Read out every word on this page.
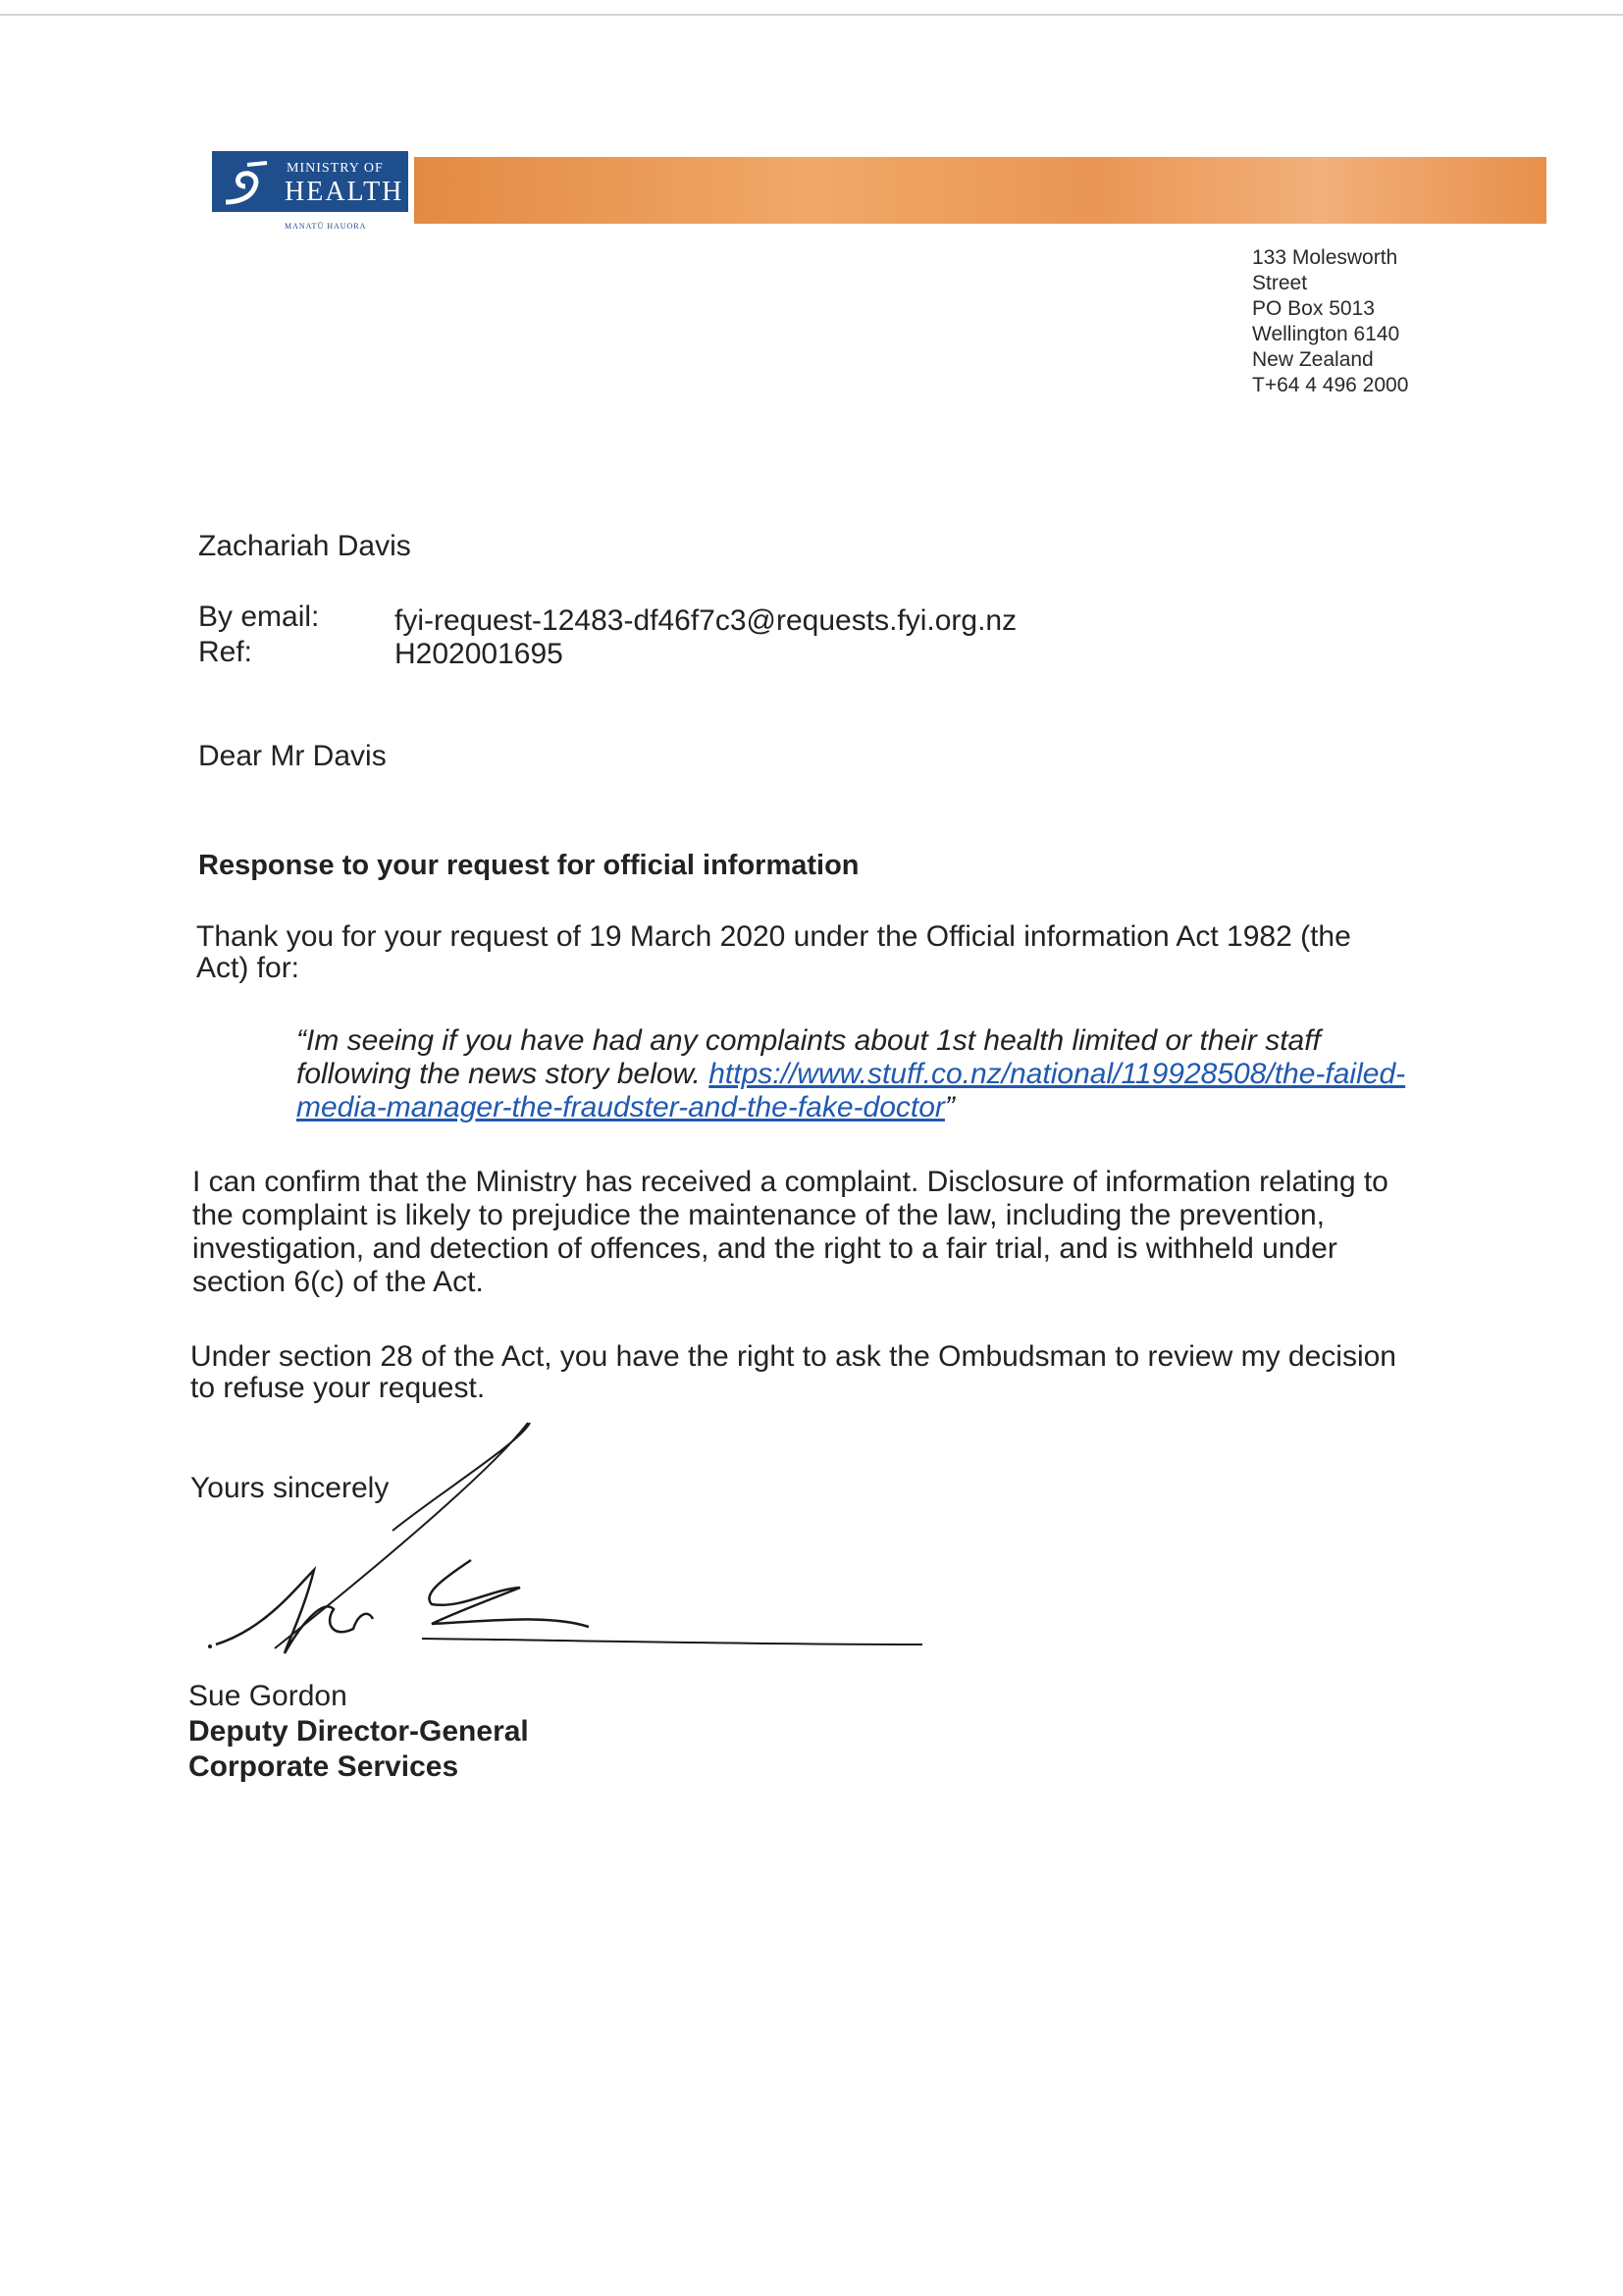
MINISTRY OF
HEALTH
MANATŪ HAUORA
133 Molesworth
Street
PO Box 5013
Wellington 6140
New Zealand
T+64 4 496 2000
Zachariah Davis
By email:	fyi-request-12483-df46f7c3@requests.fyi.org.nz
Ref:	H202001695
Dear Mr Davis
Response to your request for official information
Thank you for your request of 19 March 2020 under the Official information Act 1982 (the
Act) for:
“Im seeing if you have had any complaints about 1st health limited or their staff
following the news story below. https://www.stuff.co.nz/national/119928508/the-failed-
media-manager-the-fraudster-and-the-fake-doctor”
I can confirm that the Ministry has received a complaint. Disclosure of information relating to
the complaint is likely to prejudice the maintenance of the law, including the prevention,
investigation, and detection of offences, and the right to a fair trial, and is withheld under
section 6(c) of the Act.
Under section 28 of the Act, you have the right to ask the Ombudsman to review my decision
to refuse your request.
Yours sincerely
Sue Gordon
Deputy Director-General
Corporate Services
